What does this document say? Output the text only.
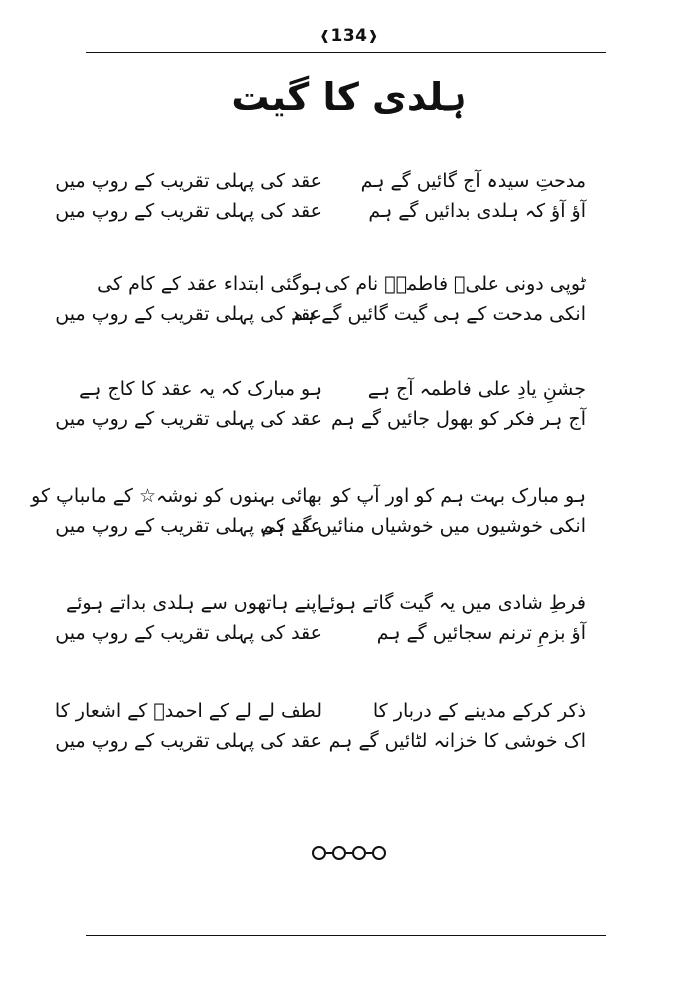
❰134❱
ہلدی کا گیت
مدحتِ سیدہ آج گائیں گے ہم
آؤ آؤ کہ ہلدی بدائیں گے ہم
عقد کی پہلی تقریب کے روپ میں
عقد کی پہلی تقریب کے روپ میں
ٹوپی دونی علیؑ فاطمہؓ نام کی
انکی مدحت کے ہی گیت گائیں گے ہم
ہوگئی ابتداء عقد کے کام کی
عقد کی پہلی تقریب کے روپ میں
جشنِ یادِ علی فاطمہ آج ہے
آج ہر فکر کو بھول جائیں گے ہم
ہو مبارک کہ یہ عقد کا کاج ہے
عقد کی پہلی تقریب کے روپ میں
ہو مبارک بہت ہم کو اور آپ کو
انکی خوشیوں میں خوشیاں منائیں گے ہم
بھائی بہنوں کو نوشہ☆ کے ماںباپ کو
عقد کی پہلی تقریب کے روپ میں
فرطِ شادی میں یہ گیت گاتے ہوئے
آؤ بزمِ ترنم سجائیں گے ہم
اپنے ہاتھوں سے ہلدی بداتے ہوئے
عقد کی پہلی تقریب کے روپ میں
ذکر کرکے مدینے کے دربار کا
اک خوشی کا خزانہ لٹائیں گے ہم
لطف لے لے کے احمدؐ کے اشعار کا
عقد کی پہلی تقریب کے روپ میں
